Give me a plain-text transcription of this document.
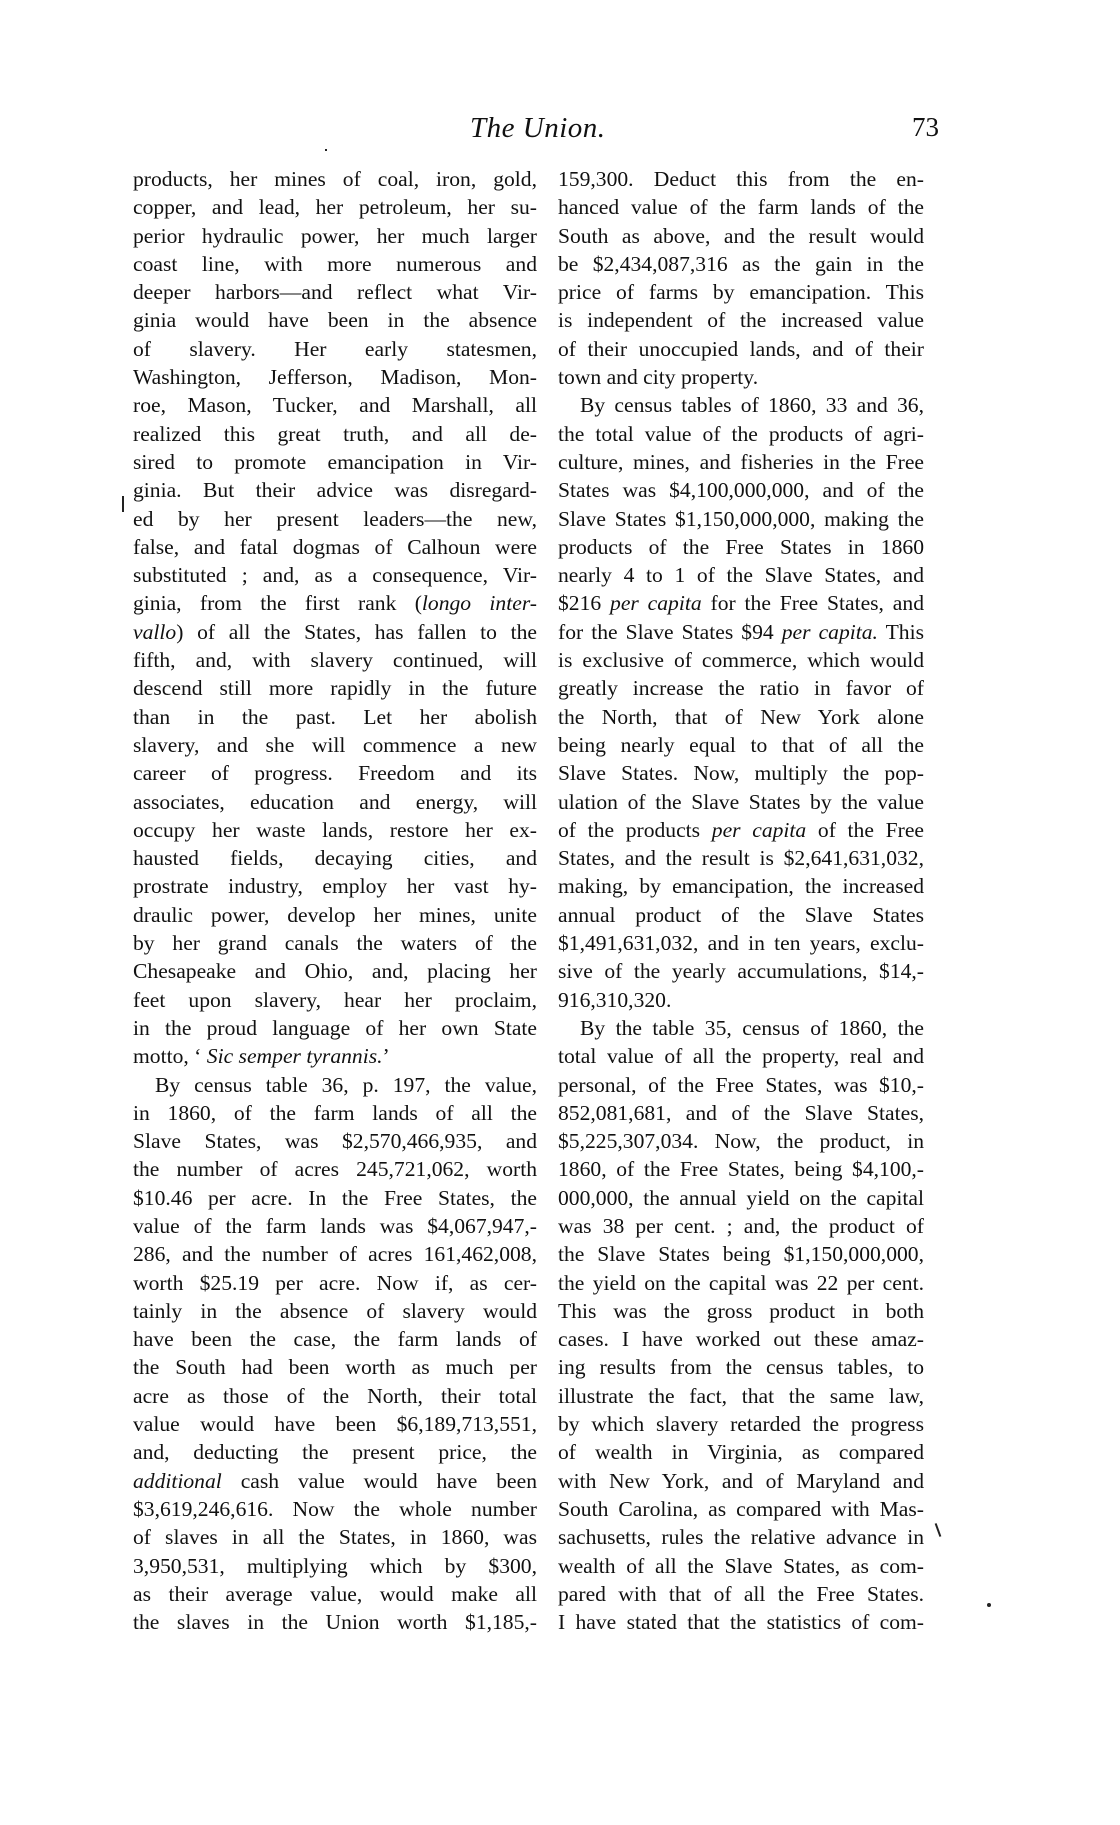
The Union.	73
products, her mines of coal, iron, gold,
copper, and lead, her petroleum, her su-
perior hydraulic power, her much larger
coast line, with more numerous and
deeper harbors—and reflect what Vir-
ginia would have been in the absence
of slavery. Her early statesmen,
Washington, Jefferson, Madison, Mon-
roe, Mason, Tucker, and Marshall, all
realized this great truth, and all de-
sired to promote emancipation in Vir-
ginia. But their advice was disregard-
ed by her present leaders—the new,
false, and fatal dogmas of Calhoun were
substituted ; and, as a consequence, Vir-
ginia, from the first rank (longo inter-
vallo) of all the States, has fallen to the
fifth, and, with slavery continued, will
descend still more rapidly in the future
than in the past. Let her abolish
slavery, and she will commence a new
career of progress. Freedom and its
associates, education and energy, will
occupy her waste lands, restore her ex-
hausted fields, decaying cities, and
prostrate industry, employ her vast hy-
draulic power, develop her mines, unite
by her grand canals the waters of the
Chesapeake and Ohio, and, placing her
feet upon slavery, hear her proclaim,
in the proud language of her own State
motto, ‘ Sic semper tyrannis.’
By census table 36, p. 197, the value,
in 1860, of the farm lands of all the
Slave States, was $2,570,466,935, and
the number of acres 245,721,062, worth
$10.46 per acre. In the Free States, the
value of the farm lands was $4,067,947,-
286, and the number of acres 161,462,008,
worth $25.19 per acre. Now if, as cer-
tainly in the absence of slavery would
have been the case, the farm lands of
the South had been worth as much per
acre as those of the North, their total
value would have been $6,189,713,551,
and, deducting the present price, the
additional cash value would have been
$3,619,246,616. Now the whole number
of slaves in all the States, in 1860, was
3,950,531, multiplying which by $300,
as their average value, would make all
the slaves in the Union worth $1,185,-
159,300. Deduct this from the en-
hanced value of the farm lands of the
South as above, and the result would
be $2,434,087,316 as the gain in the
price of farms by emancipation. This
is independent of the increased value
of their unoccupied lands, and of their
town and city property.
By census tables of 1860, 33 and 36,
the total value of the products of agri-
culture, mines, and fisheries in the Free
States was $4,100,000,000, and of the
Slave States $1,150,000,000, making the
products of the Free States in 1860
nearly 4 to 1 of the Slave States, and
$216 per capita for the Free States, and
for the Slave States $94 per capita. This
is exclusive of commerce, which would
greatly increase the ratio in favor of
the North, that of New York alone
being nearly equal to that of all the
Slave States. Now, multiply the pop-
ulation of the Slave States by the value
of the products per capita of the Free
States, and the result is $2,641,631,032,
making, by emancipation, the increased
annual product of the Slave States
$1,491,631,032, and in ten years, exclu-
sive of the yearly accumulations, $14,-
916,310,320.
By the table 35, census of 1860, the
total value of all the property, real and
personal, of the Free States, was $10,-
852,081,681, and of the Slave States,
$5,225,307,034. Now, the product, in
1860, of the Free States, being $4,100,-
000,000, the annual yield on the capital
was 38 per cent. ; and, the product of
the Slave States being $1,150,000,000,
the yield on the capital was 22 per cent.
This was the gross product in both
cases. I have worked out these amaz-
ing results from the census tables, to
illustrate the fact, that the same law,
by which slavery retarded the progress
of wealth in Virginia, as compared
with New York, and of Maryland and
South Carolina, as compared with Mas-
sachusetts, rules the relative advance in
wealth of all the Slave States, as com-
pared with that of all the Free States.
I have stated that the statistics of com-
